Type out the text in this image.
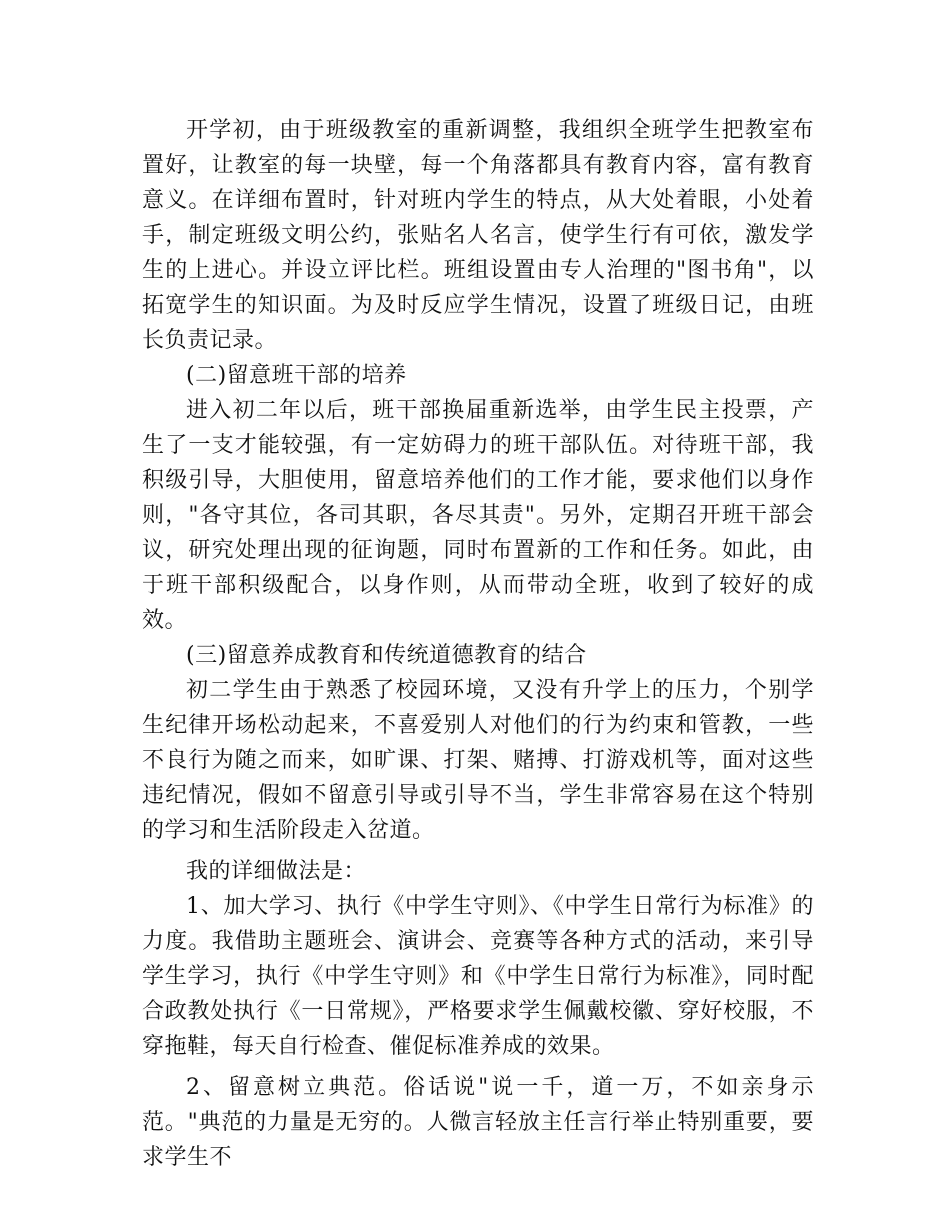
开学初，由于班级教室的重新调整，我组织全班学生把教室布置好，让教室的每一块壁，每一个角落都具有教育内容，富有教育意义。在详细布置时，针对班内学生的特点，从大处着眼，小处着手，制定班级文明公约，张贴名人名言，使学生行有可依，激发学生的上进心。并设立评比栏。班组设置由专人治理的"图书角"，以拓宽学生的知识面。为及时反应学生情况，设置了班级日记，由班长负责记录。

(二)留意班干部的培养

进入初二年以后，班干部换届重新选举，由学生民主投票，产生了一支才能较强，有一定妨碍力的班干部队伍。对待班干部，我积级引导，大胆使用，留意培养他们的工作才能，要求他们以身作则，"各守其位，各司其职，各尽其责"。另外，定期召开班干部会议，研究处理出现的征询题，同时布置新的工作和任务。如此，由于班干部积级配合，以身作则，从而带动全班，收到了较好的成效。

(三)留意养成教育和传统道德教育的结合

初二学生由于熟悉了校园环境，又没有升学上的压力，个别学生纪律开场松动起来，不喜爱别人对他们的行为约束和管教，一些不良行为随之而来，如旷课、打架、赌搏、打游戏机等，面对这些违纪情况，假如不留意引导或引导不当，学生非常容易在这个特别的学习和生活阶段走入岔道。

我的详细做法是：

1、加大学习、执行《中学生守则》、《中学生日常行为标准》的力度。我借助主题班会、演讲会、竞赛等各种方式的活动，来引导学生学习，执行《中学生守则》和《中学生日常行为标准》，同时配合政教处执行《一日常规》，严格要求学生佩戴校徽、穿好校服，不穿拖鞋，每天自行检查、催促标准养成的效果。

2、留意树立典范。俗话说"说一千，道一万，不如亲身示范。"典范的力量是无穷的。人微言轻放主任言行举止特别重要，要求学生不
